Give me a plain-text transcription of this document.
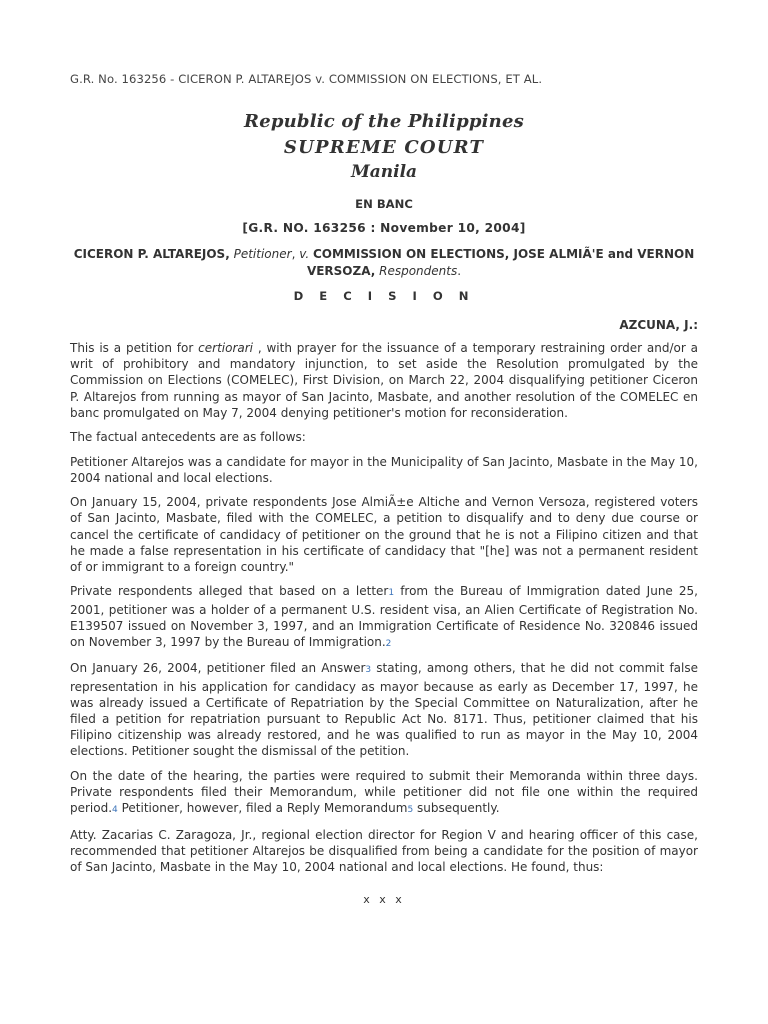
G.R. No. 163256 - CICERON P. ALTAREJOS v. COMMISSION ON ELECTIONS, ET AL.
Republic of the Philippines
SUPREME COURT
Manila
EN BANC
[G.R. NO. 163256 : November 10, 2004]
CICERON P. ALTAREJOS, Petitioner, v. COMMISSION ON ELECTIONS, JOSE ALMIÃ'E and VERNON VERSOZA, Respondents.
D E C I S I O N
AZCUNA, J.:

This is a petition for certiorari , with prayer for the issuance of a temporary restraining order and/or a writ of prohibitory and mandatory injunction, to set aside the Resolution promulgated by the Commission on Elections (COMELEC), First Division, on March 22, 2004 disqualifying petitioner Ciceron P. Altarejos from running as mayor of San Jacinto, Masbate, and another resolution of the COMELEC en banc promulgated on May 7, 2004 denying petitioner's motion for reconsideration.

The factual antecedents are as follows:

Petitioner Altarejos was a candidate for mayor in the Municipality of San Jacinto, Masbate in the May 10, 2004 national and local elections.

On January 15, 2004, private respondents Jose AlmiÃ±e Altiche and Vernon Versoza, registered voters of San Jacinto, Masbate, filed with the COMELEC, a petition to disqualify and to deny due course or cancel the certificate of candidacy of petitioner on the ground that he is not a Filipino citizen and that he made a false representation in his certificate of candidacy that "[he] was not a permanent resident of or immigrant to a foreign country."

Private respondents alleged that based on a letter1 from the Bureau of Immigration dated June 25, 2001, petitioner was a holder of a permanent U.S. resident visa, an Alien Certificate of Registration No. E139507 issued on November 3, 1997, and an Immigration Certificate of Residence No. 320846 issued on November 3, 1997 by the Bureau of Immigration.2

On January 26, 2004, petitioner filed an Answer3 stating, among others, that he did not commit false representation in his application for candidacy as mayor because as early as December 17, 1997, he was already issued a Certificate of Repatriation by the Special Committee on Naturalization, after he filed a petition for repatriation pursuant to Republic Act No. 8171. Thus, petitioner claimed that his Filipino citizenship was already restored, and he was qualified to run as mayor in the May 10, 2004 elections. Petitioner sought the dismissal of the petition.

On the date of the hearing, the parties were required to submit their Memoranda within three days. Private respondents filed their Memorandum, while petitioner did not file one within the required period.4 Petitioner, however, filed a Reply Memorandum5 subsequently.

Atty. Zacarias C. Zaragoza, Jr., regional election director for Region V and hearing officer of this case, recommended that petitioner Altarejos be disqualified from being a candidate for the position of mayor of San Jacinto, Masbate in the May 10, 2004 national and local elections. He found, thus:

x x x
